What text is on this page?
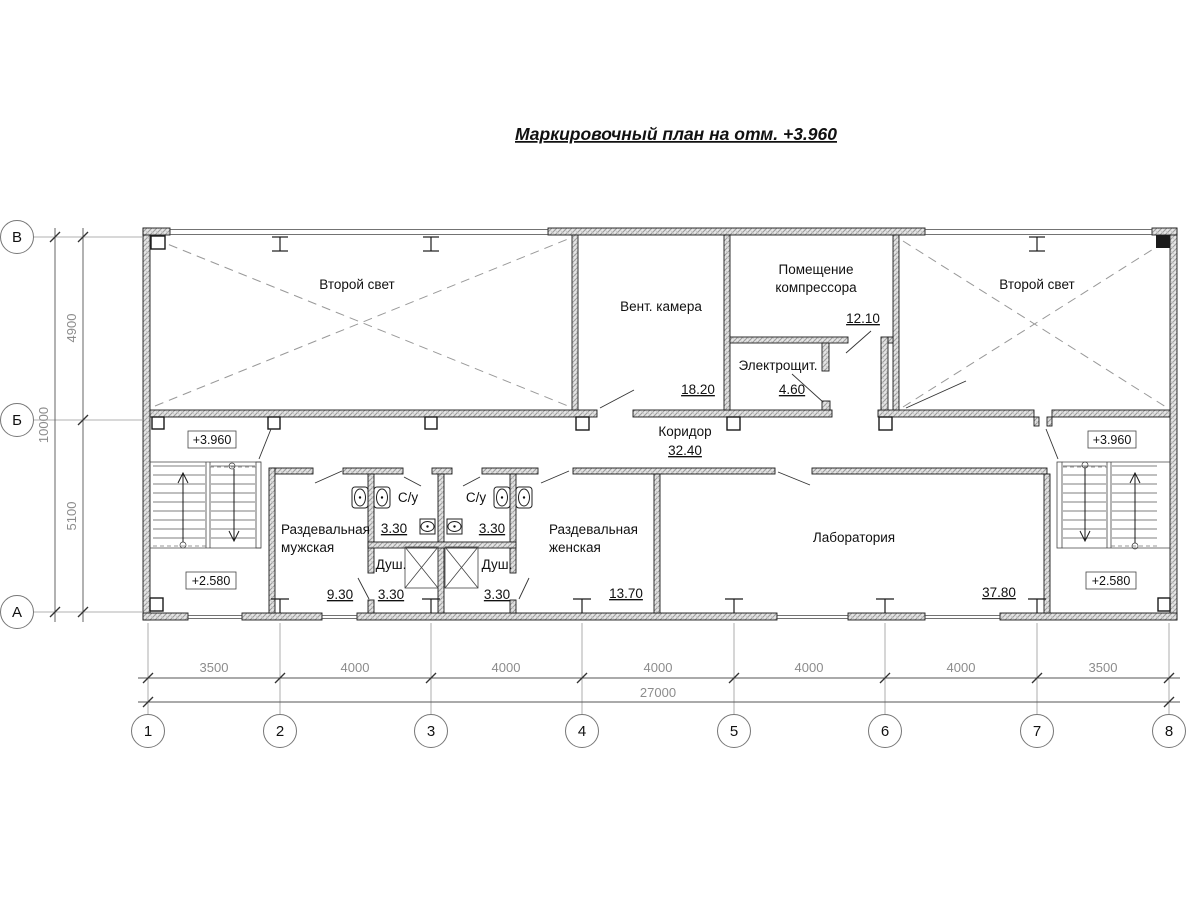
Маркировочный план на отм. +3.960
Второй свет	Второй свет
Вент. камера
18.20
Помещение
компрессора
12.10
Электрощит.
4.60
Коридор
32.40
Раздевальная
мужская
9.30
С/у
3.30
С/у
3.30
Душ.
3.30
Душ.
3.30
Раздевальная
женская
13.70
Лаборатория
37.80
+3.960
+2.580
+3.960
+2.580
3500	4000	4000	4000	4000	4000	3500
27000
1	2	3	4	5	6	7	8
4900
5100
10000
В
Б
А
